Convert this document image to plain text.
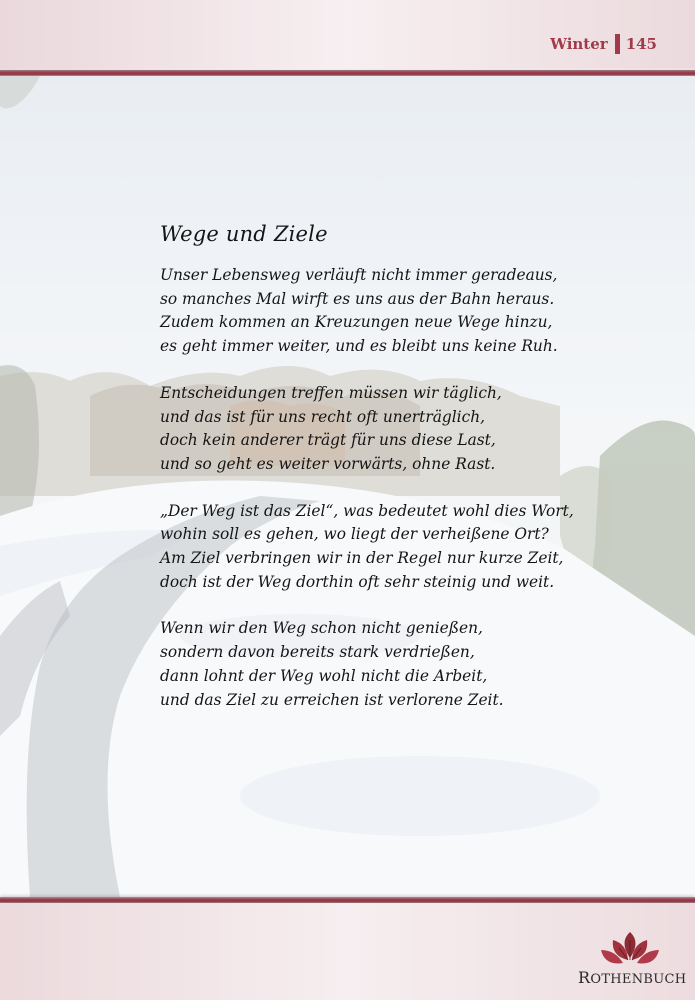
Winter 145
Wege und Ziele
Unser Lebensweg verläuft nicht immer geradeaus,
so manches Mal wirft es uns aus der Bahn heraus.
Zudem kommen an Kreuzungen neue Wege hinzu,
es geht immer weiter, und es bleibt uns keine Ruh.
Entscheidungen treffen müssen wir täglich,
und das ist für uns recht oft unerträglich,
doch kein anderer trägt für uns diese Last,
und so geht es weiter vorwärts, ohne Rast.
„Der Weg ist das Ziel“, was bedeutet wohl dies Wort,
wohin soll es gehen, wo liegt der verheißene Ort?
Am Ziel verbringen wir in der Regel nur kurze Zeit,
doch ist der Weg dorthin oft sehr steinig und weit.
Wenn wir den Weg schon nicht genießen,
sondern davon bereits stark verdrießen,
dann lohnt der Weg wohl nicht die Arbeit,
und das Ziel zu erreichen ist verlorene Zeit.
ROTHENBUCH
